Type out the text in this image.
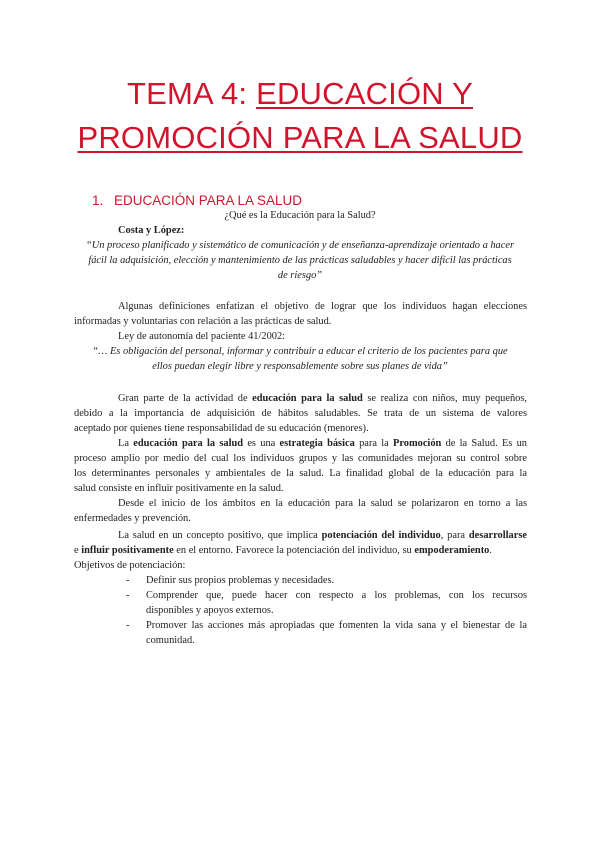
TEMA 4: EDUCACIÓN Y
PROMOCIÓN PARA LA SALUD
1. EDUCACIÓN PARA LA SALUD
¿Qué es la Educación para la Salud?
Costa y López:
“Un proceso planificado y sistemático de comunicación y de enseñanza-aprendizaje orientado a hacer
fácil la adquisición, elección y mantenimiento de las prácticas saludables y hacer difícil las prácticas
de riesgo”
Algunas definiciones enfatizan el objetivo de lograr que los individuos hagan elecciones
informadas y voluntarias con relación a las prácticas de salud.
Ley de autonomía del paciente 41/2002:
“… Es obligación del personal, informar y contribuir a educar el criterio de los pacientes para que
ellos puedan elegir libre y responsablemente sobre sus planes de vida”
Gran parte de la actividad de educación para la salud se realiza con niños, muy pequeños,
debido a la importancia de adquisición de hábitos saludables. Se trata de un sistema de valores
aceptado por quienes tiene responsabilidad de su educación (menores).
La educación para la salud es una estrategia básica para la Promoción de la Salud. Es un
proceso amplio por medio del cual los individuos grupos y las comunidades mejoran su control sobre
los determinantes personales y ambientales de la salud. La finalidad global de la educación para la
salud consiste en influir positivamente en la salud.
Desde el inicio de los ámbitos en la educación para la salud se polarizaron en torno a las
enfermedades y prevención.
La salud en un concepto positivo, que implica potenciación del individuo, para desarrollarse
e influir positivamente en el entorno. Favorece la potenciación del individuo, su empoderamiento.
Objetivos de potenciación:
- Definir sus propios problemas y necesidades.
- Comprender que, puede hacer con respecto a los problemas, con los recursos
disponibles y apoyos externos.
- Promover las acciones más apropiadas que fomenten la vida sana y el bienestar de la
comunidad.
